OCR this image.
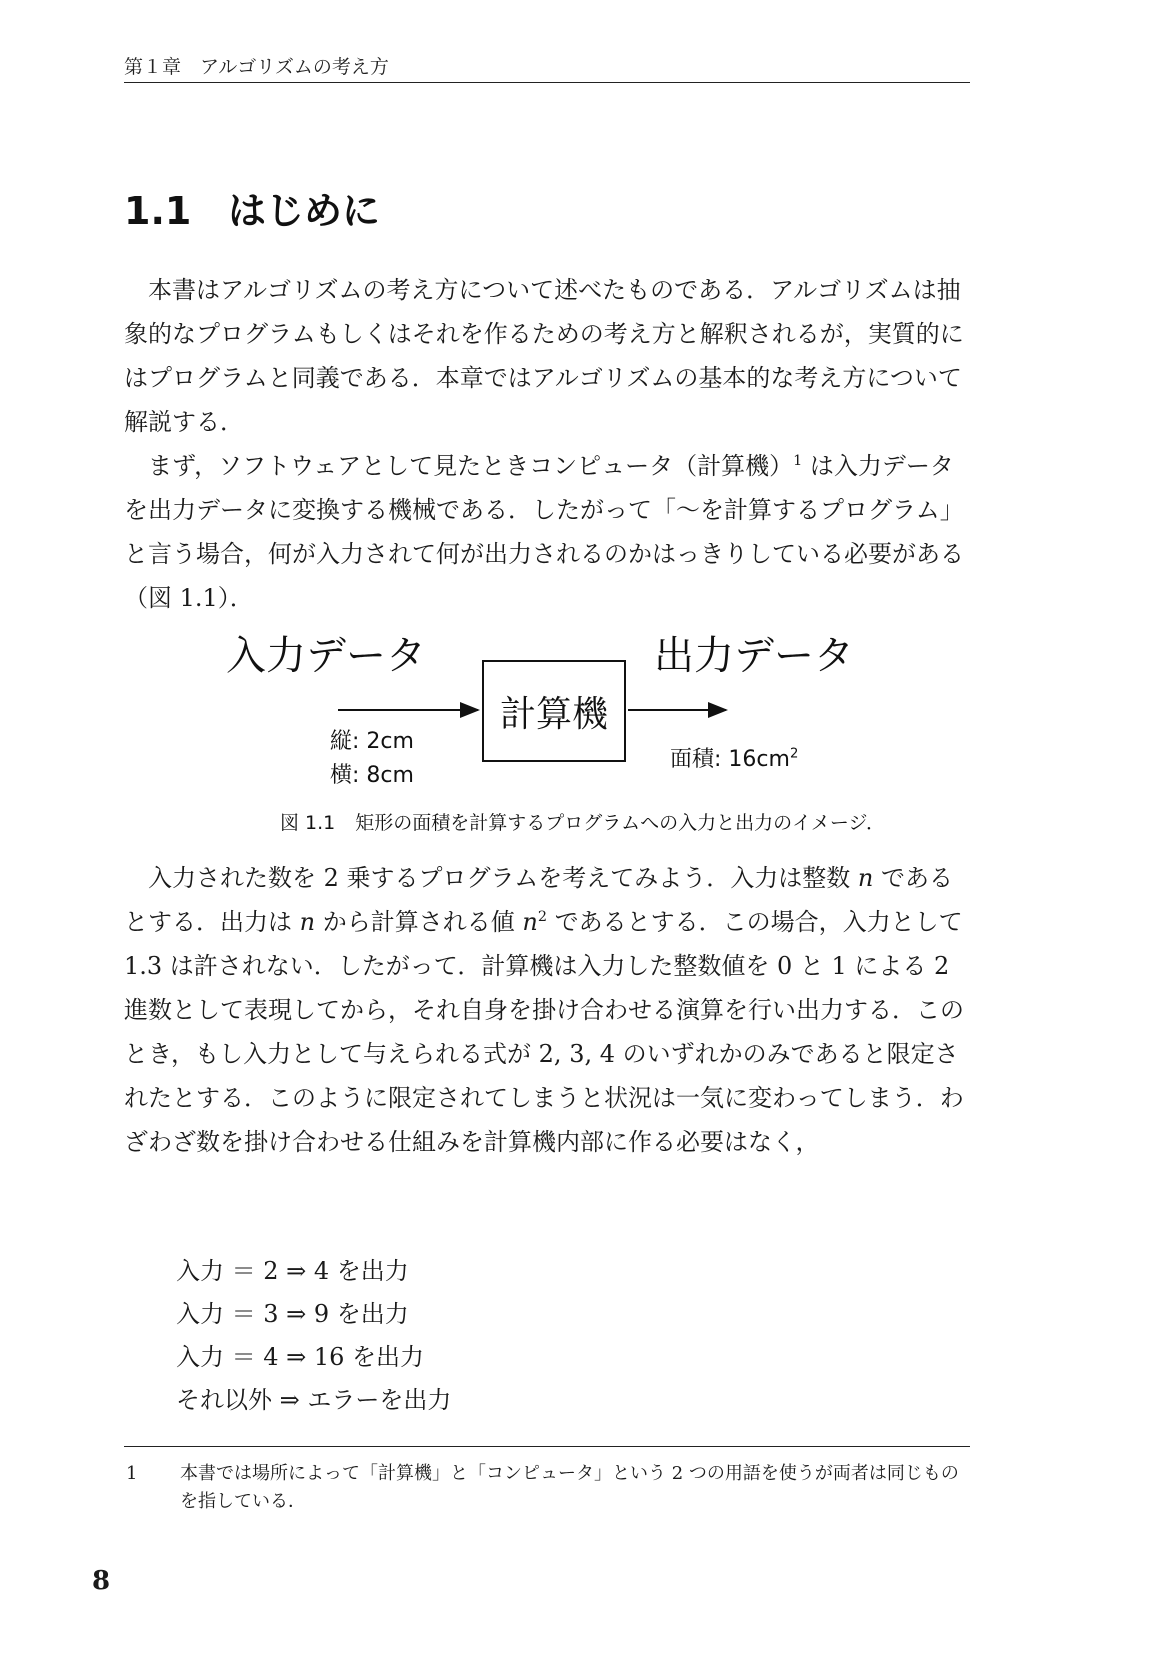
第１章　アルゴリズムの考え方
1.1 はじめに

本書はアルゴリズムの考え方について述べたものである．アルゴリズムは抽象的なプログラムもしくはそれを作るための考え方と解釈されるが，実質的にはプログラムと同義である．本章ではアルゴリズムの基本的な考え方について解説する．

まず，ソフトウェアとして見たときコンピュータ（計算機）$^1$ は入力データを出力データに変換する機械である．したがって「〜を計算するプログラム」と言う場合，何が入力されて何が出力されるのかはっきりしている必要がある（図 1.1）．

入力データ
計算機
出力データ
縦: 2cm
横: 8cm
面積: $16cm^2$
図 1.1 矩形の面積を計算するプログラムへの入力と出力のイメージ．

入力された数を 2 乗するプログラムを考えてみよう．入力は整数 n であるとする．出力は n から計算される値 $n^2$ であるとする．この場合，入力として 1.3 は許されない．したがって．計算機は入力した整数値を 0 と 1 による 2 進数として表現してから，それ自身を掛け合わせる演算を行い出力する．このとき，もし入力として与えられる式が 2, 3, 4 のいずれかのみであると限定されたとする．このように限定されてしまうと状況は一気に変わってしまう．わざわざ数を掛け合わせる仕組みを計算機内部に作る必要はなく，

入力 ＝ 2 ⇒ 4 を出力
入力 ＝ 3 ⇒ 9 を出力
入力 ＝ 4 ⇒ 16 を出力
それ以外 ⇒ エラーを出力
1 本書では場所によって「計算機」と「コンピュータ」という 2 つの用語を使うが両者は同じものを指している．
8
